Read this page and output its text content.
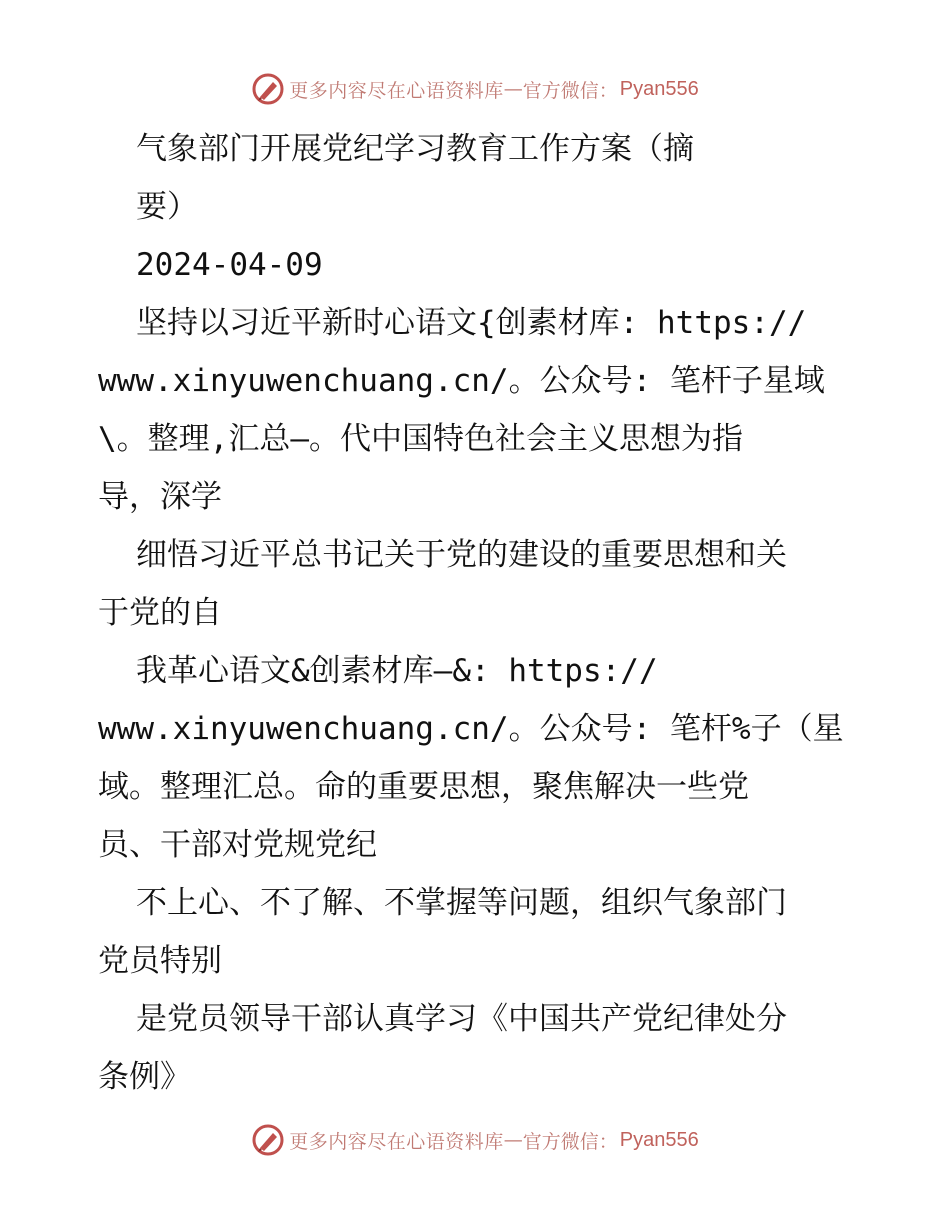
更多内容尽在心语资料库 — 官方微信： Pyan556
气象部门开展党纪学习教育工作方案（摘
要）
2024-04-09
坚持以习近平新时心语文{创素材库: https://
www.xinyuwenchuang.cn/。公众号: 笔杆子星域
\。整理,汇总—。代中国特色社会主义思想为指
导，深学
细悟习近平总书记关于党的建设的重要思想和关
于党的自
我革心语文&创素材库—&: https://
www.xinyuwenchuang.cn/。公众号: 笔杆%子（星
域。整理汇总。命的重要思想，聚焦解决一些党
员、干部对党规党纪
不上心、不了解、不掌握等问题，组织气象部门
党员特别
是党员领导干部认真学习《中国共产党纪律处分
条例》
更多内容尽在心语资料库 — 官方微信： Pyan556
